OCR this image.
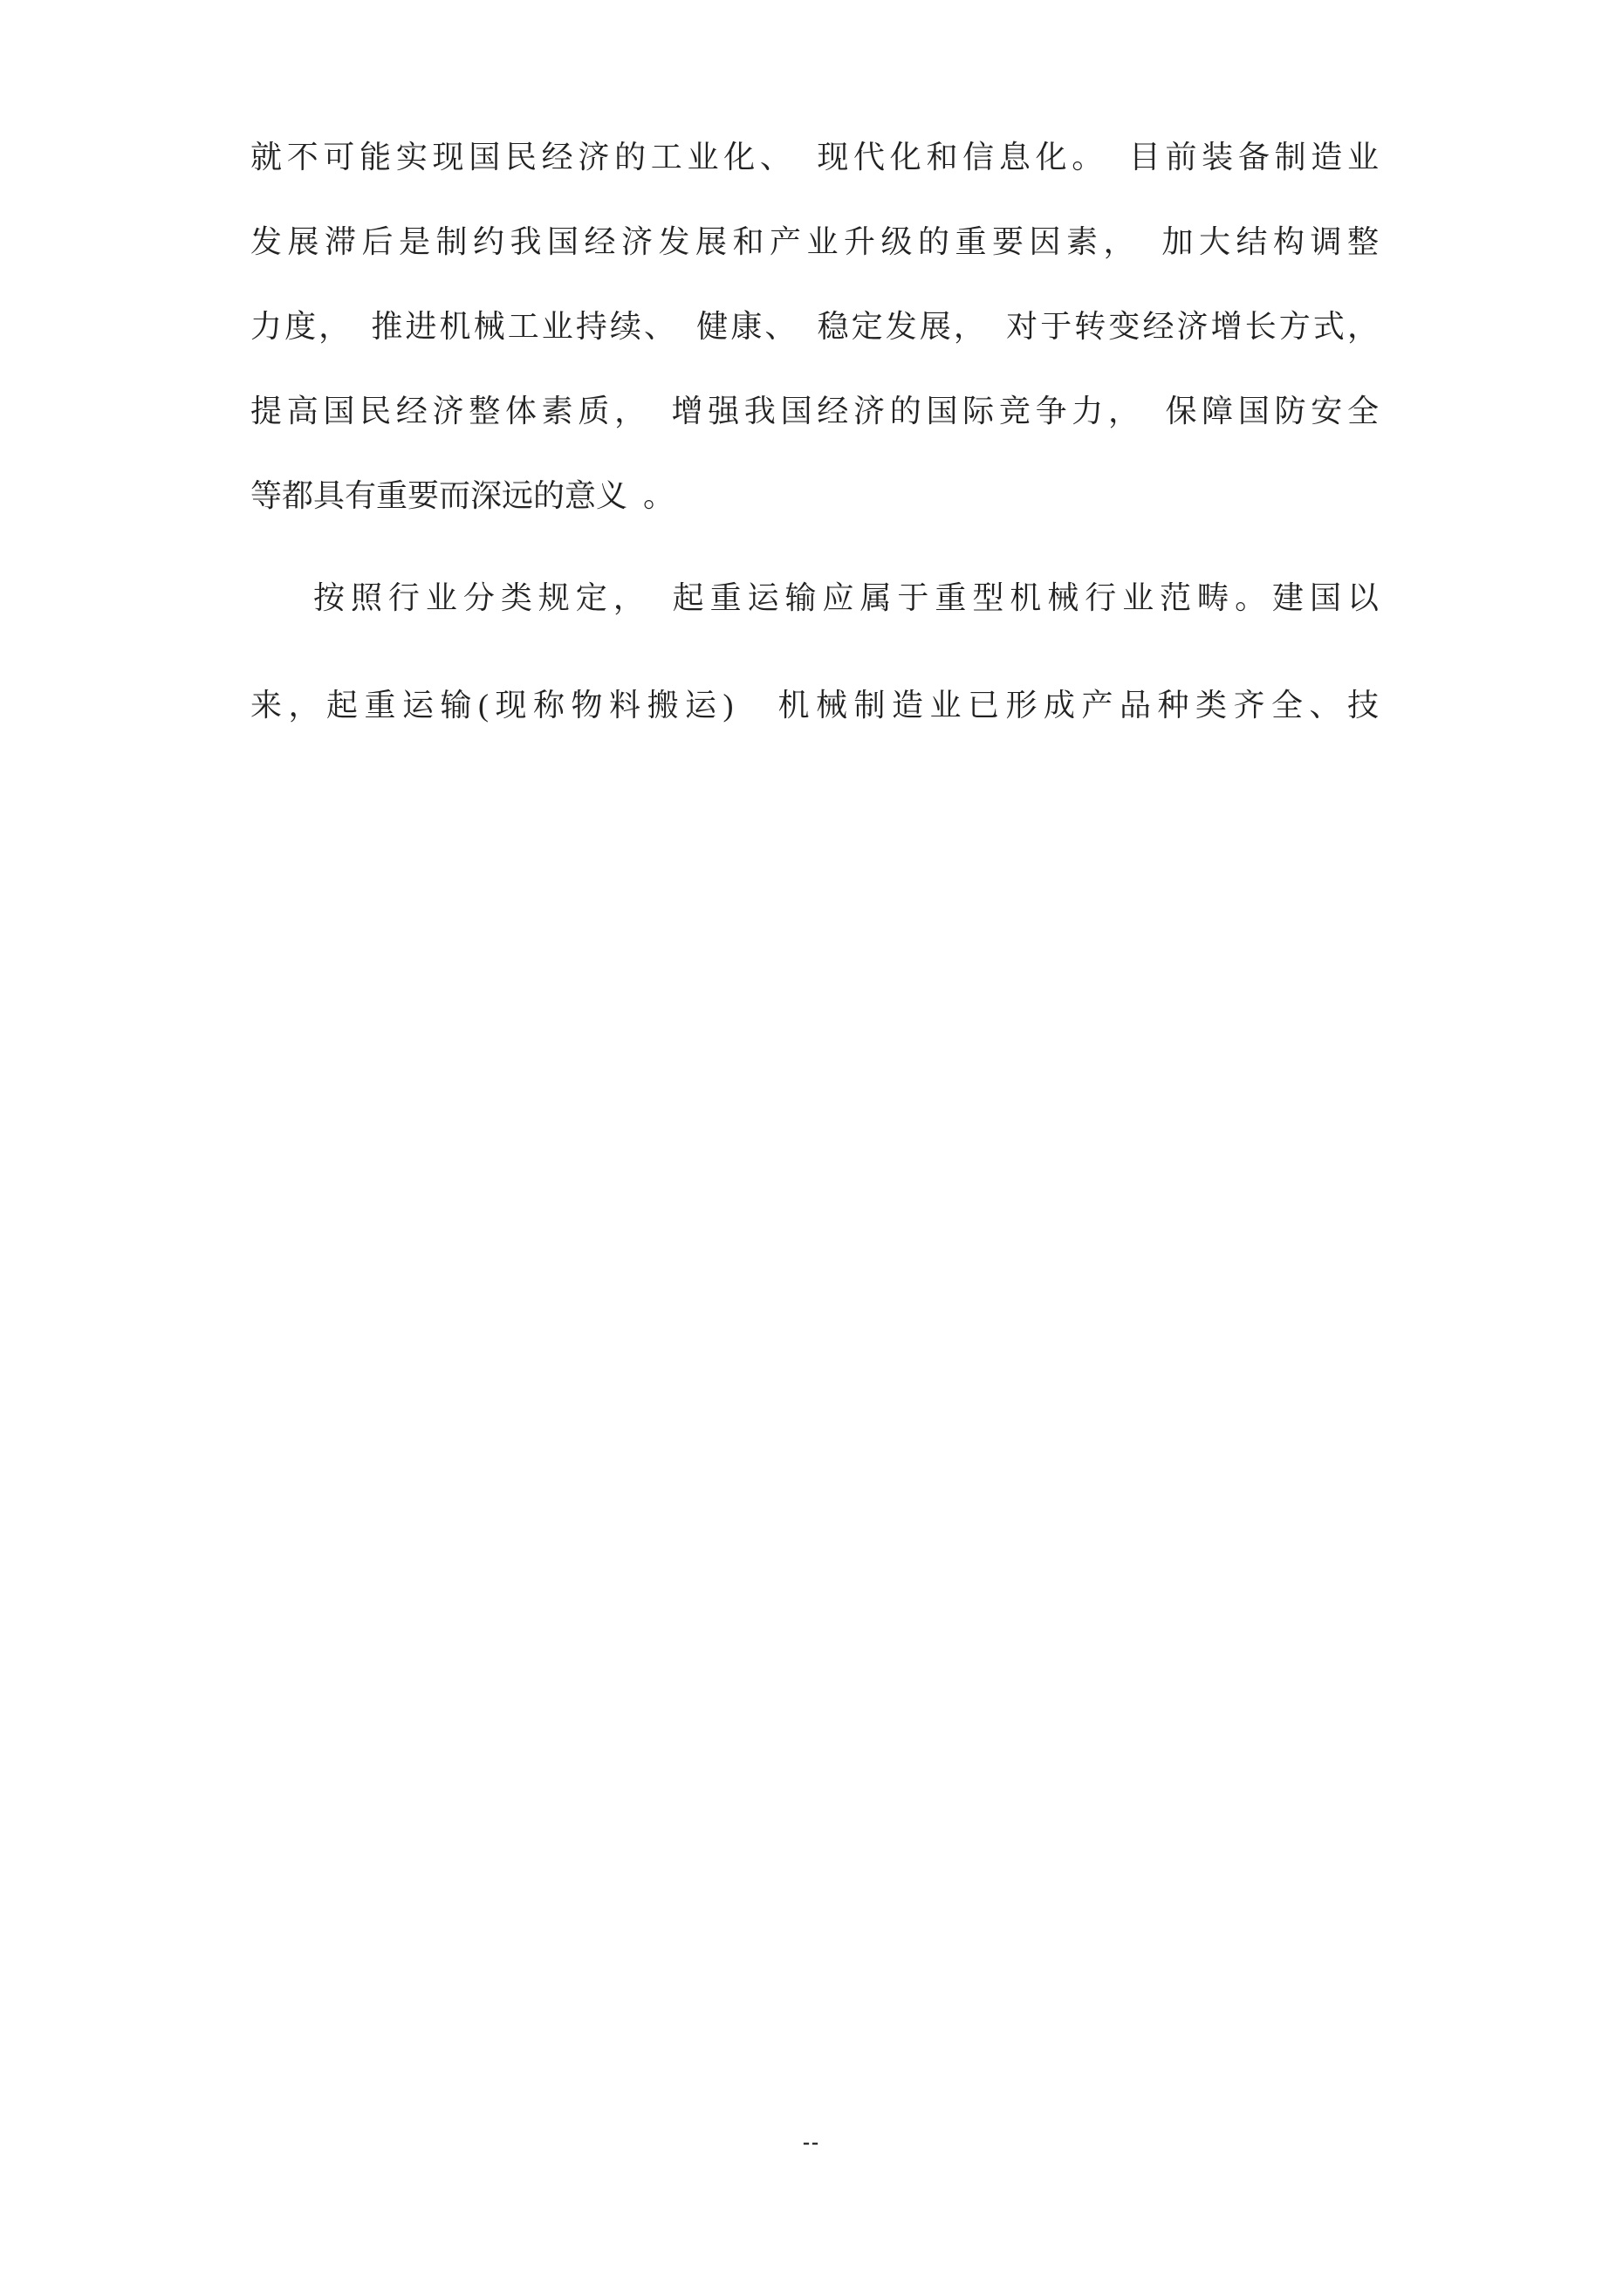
就不可能实现国民经济的工业化、　现代化和信息化。　目前装备制造业
发展滞后是制约我国经济发展和产业升级的重要因素，　加大结构调整
力度，　推进机械工业持续、　健康、　稳定发展，　对于转变经济增长方式，
提高国民经济整体素质，　增强我国经济的国际竞争力，　保障国防安全
等都具有重要而深远的意义 。
按照行业分类规定，　起重运输应属于重型机械行业范畴。建国以
来，起重运输(现称物料搬运)　机械制造业已形成产品种类齐全、技
--
